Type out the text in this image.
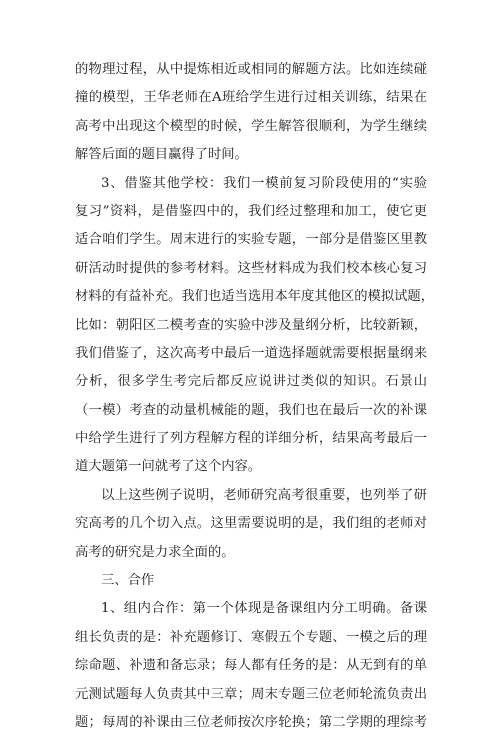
的物理过程，从中提炼相近或相同的解题方法。比如连续碰
撞的模型，王华老师在A班给学生进行过相关训练，结果在
高考中出现这个模型的时候，学生解答很顺利，为学生继续
解答后面的题目赢得了时间。
3、借鉴其他学校：我们一模前复习阶段使用的“实验
复习”资料，是借鉴四中的，我们经过整理和加工，使它更
适合咱们学生。周末进行的实验专题，一部分是借鉴区里教
研活动时提供的参考材料。这些材料成为我们校本核心复习
材料的有益补充。我们也适当选用本年度其他区的模拟试题，
比如：朝阳区二模考查的实验中涉及量纲分析，比较新颖，
我们借鉴了，这次高考中最后一道选择题就需要根据量纲来
分析，很多学生考完后都反应说讲过类似的知识。石景山
（一模）考查的动量机械能的题，我们也在最后一次的补课
中给学生进行了列方程解方程的详细分析，结果高考最后一
道大题第一问就考了这个内容。
以上这些例子说明，老师研究高考很重要，也列举了研
究高考的几个切入点。这里需要说明的是，我们组的老师对
高考的研究是力求全面的。
三、合作
1、组内合作：第一个体现是备课组内分工明确。备课
组长负责的是：补充题修订、寒假五个专题、一模之后的理
综命题、补遗和备忘录；每人都有任务的是：从无到有的单
元测试题每人负责其中三章；周末专题三位老师轮流负责出
题；每周的补课由三位老师按次序轮换；第二学期的理综考
